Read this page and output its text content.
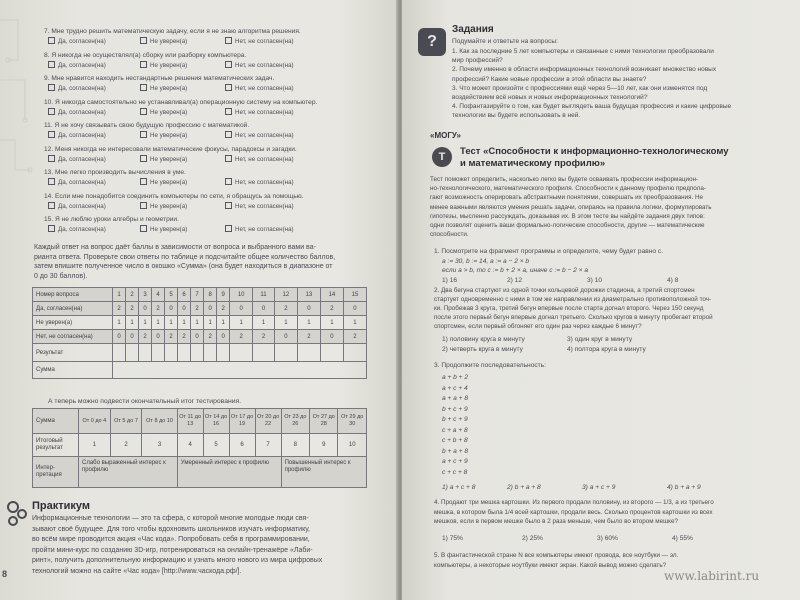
7. Мне трудно решить математическую задачу, если я не знаю алгоритма решения.
Да, согласен(на)	Не уверен(а)	Нет, не согласен(на)
8. Я никогда не осуществлял(а) сборку или разборку компьютера.
Да, согласен(на)	Не уверен(а)	Нет, не согласен(на)
9. Мне нравится находить нестандартные решения математических задач.
Да, согласен(на)	Не уверен(а)	Нет, не согласен(на)
10. Я никогда самостоятельно не устанавливал(а) операционную систему на компьютер.
Да, согласен(на)	Не уверен(а)	Нет, не согласен(на)
11. Я не хочу связывать свою будущую профессию с математикой.
Да, согласен(на)	Не уверен(а)	Нет, не согласен(на)
12. Меня никогда не интересовали математические фокусы, парадоксы и загадки.
Да, согласен(на)	Не уверен(а)	Нет, не согласен(на)
13. Мне легко производить вычисления в уме.
Да, согласен(на)	Не уверен(а)	Нет, не согласен(на)
14. Если мне понадобится соединить компьютеры по сети, я обращусь за помощью.
Да, согласен(на)	Не уверен(а)	Нет, не согласен(на)
15. Я не люблю уроки алгебры и геометрии.
Да, согласен(на)	Не уверен(а)	Нет, не согласен(на)
Каждый ответ на вопрос даёт баллы в зависимости от вопроса и выбранного вами ва-
рианта ответа. Проверьте свои ответы по таблице и подсчитайте общее количество баллов,
затем впишите полученное число в окошко «Сумма» (она будет находиться в диапазоне от
0 до 30 баллов).
Номер вопроса	1	2	3	4	5	6	7	8	9	10	11	12	13	14	15
Да, согласен(на)	2	2	0	2	0	0	2	0	2	0	0	2	0	2	0
Не уверен(а)	1	1	1	1	1	1	1	1	1	1	1	1	1	1	1
Нет, не согласен(на)	0	0	2	0	2	2	0	2	0	2	2	0	2	0	2
Результат															
Сумма															
А теперь можно подвести окончательный итог тестирования.
Сумма	От 0 до 4	От 5 до 7	От 8 до 10	От 11 до 13	От 14 до 16	От 17 до 19	От 20 до 22	От 23 до 26	От 27 до 28	От 29 до 30
Итоговый результат	1	2	3	4	5	6	7	8	9	10
Интер-претация	Слабо выраженный интерес к профилю			Умеренный интерес к профилю				Повышенный интерес к профилю		
Практикум
Информационные технологии — это та сфера, с которой многие молодые люди свя-
зывают своё будущее. Для того чтобы вдохновить школьников изучать информатику,
во всём мире проводится акция «Час кода». Попробовать себя в программировании,
пройти мини-курс по созданию 3D-игр, потренироваться на онлайн-тренажёре «Лаби-
ринт», получить дополнительную информацию и узнать много нового из мира цифровых
технологий можно на сайте «Час кода» [http://www.часкода.рф/].
8
?
Задания
Подумайте и ответьте на вопросы:
1. Как за последние 5 лет компьютеры и связанные с ними технологии преобразовали
мир профессий?
2. Почему именно в области информационных технологий возникает множество новых
профессий? Какие новые профессии в этой области вы знаете?
3. Что может произойти с профессиями ещё через 5—10 лет, как они изменятся под
воздействием всё новых и новых информационных технологий?
4. Пофантазируйте о том, как будет выглядеть ваша будущая профессия и какие цифровые
технологии вы будете использовать в ней.
«МОГУ»
Т	Тест «Способности к информационно-технологическому
и математическому профилю»
Тест поможет определить, насколько легко вы будете осваивать профессии информацион-
но-технологического, математического профиля. Способности к данному профилю предпола-
гают возможность оперировать абстрактными понятиями, совершать их преобразования. Не
менее важными являются умения решать задачи, опираясь на правила логики, формулировать
гипотезы, мысленно рассуждать, доказывая их. В этом тесте вы найдёте задания двух типов:
одни позволят оценить ваши формально-логические способности, другие — математические
способности.
1. Посмотрите на фрагмент программы и определите, чему будет равно c.
a := 30, b := 14, a := a − 2 × b
если a > b, то c := b + 2 × a, иначе c := b − 2 × a
1) 16	2) 12	3) 10	4) 8
2. Два бегуна стартуют из одной точки кольцевой дорожки стадиона, а третий спортсмен
стартует одновременно с ними в том же направлении из диаметрально противоположной точ-
ки. Пробежав 3 круга, третий бегун впервые после старта догнал второго. Через 150 секунд
после этого первый бегун впервые догнал третьего. Сколько кругов в минуту пробегает второй
спортсмен, если первый обгоняет его один раз через каждые 6 минут?
1) половину круга в минуту	3) один круг в минуту
2) четверть круга в минуту	4) полтора круга в минуту
3. Продолжите последовательность:
a + b + 2
a + c + 4
a + a + 8
b + c + 9
b + c + 9
c + a + 8
c + b + 8
b + a + 8
a + c + 9
c + c + 8
1) a + c + 8	2) b + a + 8	3) a + c + 9	4) b + a + 9
4. Продают три мешка картошки. Из первого продали половину, из второго — 1/3, а из третьего
мешка, в котором была 1/4 всей картошки, продали весь. Сколько процентов картошки из всех
мешков, если в первом мешке было в 2 раза меньше, чем было во втором мешке?
1) 75%	2) 25%	3) 60%	4) 55%
5. В фантастической стране N все компьютеры имеют провода, все ноутбуки — эл.
компьютеры, а некоторые ноутбуки имеют экран. Какой вывод можно сделать?
www.labirint.ru
